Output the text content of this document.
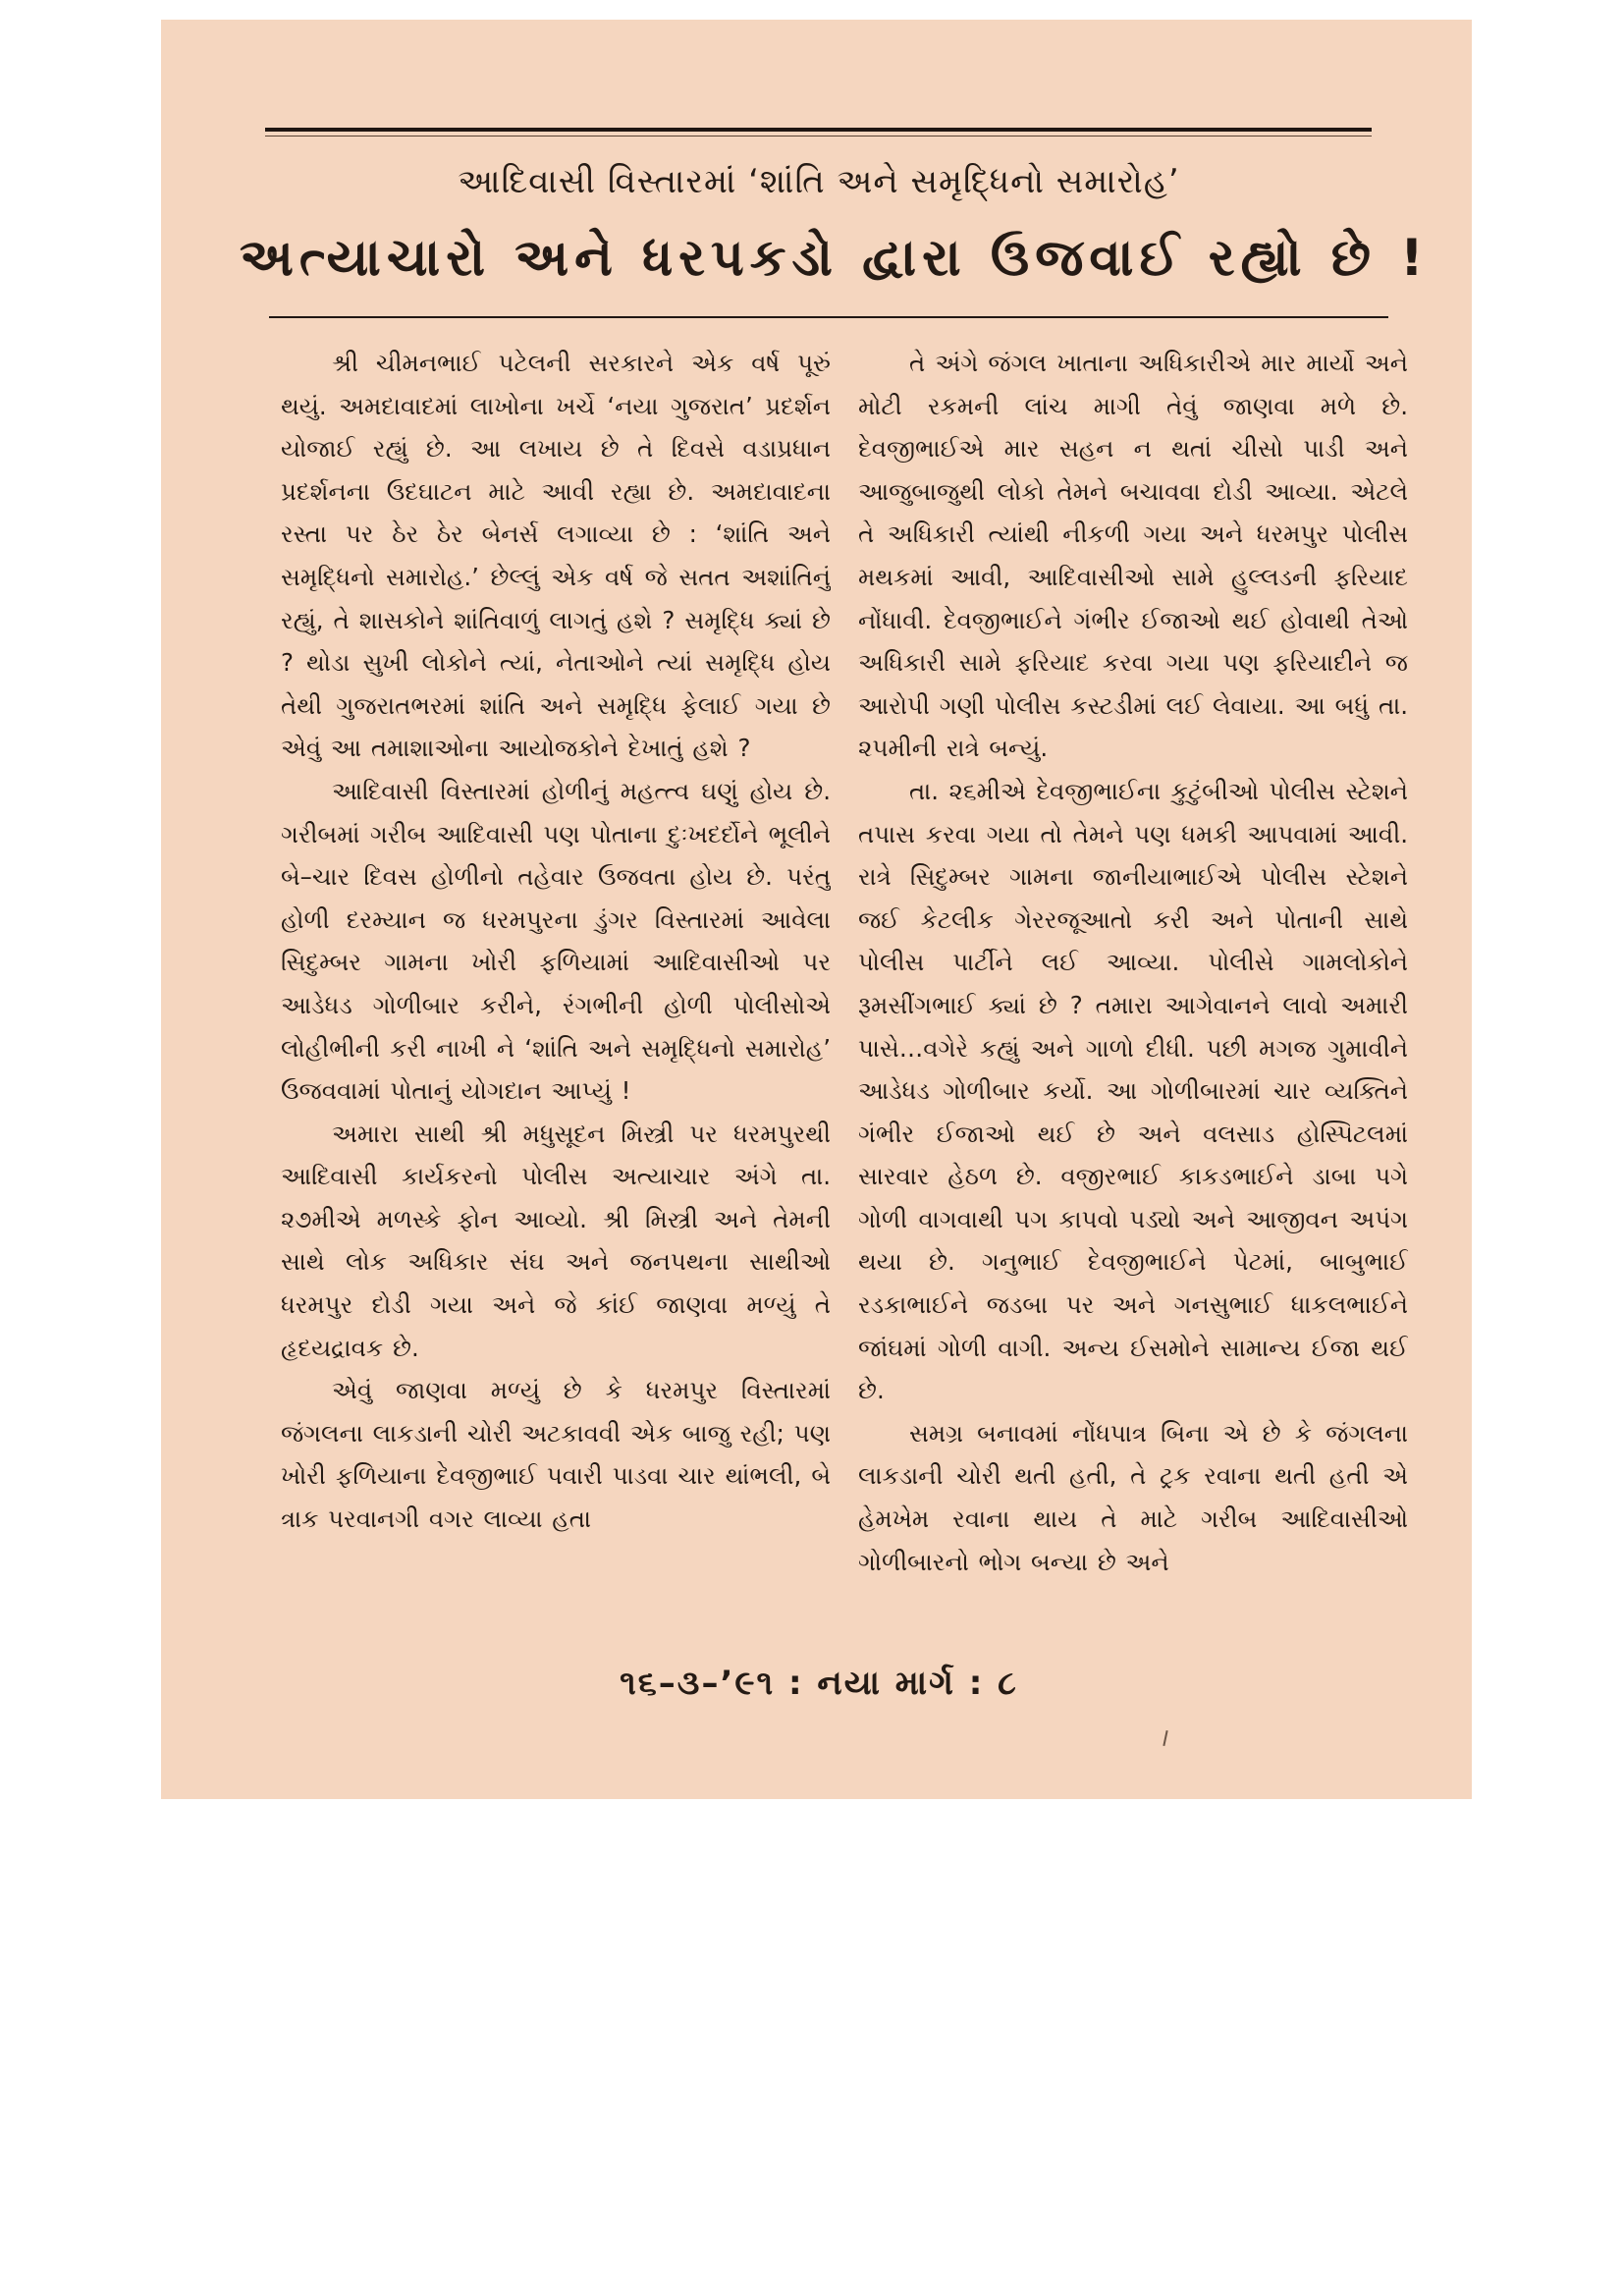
આદિવાસી વિસ્તારમાં ‘શાંતિ અને સમૃદ્ધિનો સમારોહ’
અત્યાચારો અને ધરપકડો દ્વારા ઉજવાઈ રહ્યો છે !

શ્રી ચીમનભાઈ પટેલની સરકારને એક વર્ષ પૂરું થયું. અમદાવાદમાં લાખોના ખર્ચે ‘નયા ગુજરાત’ પ્રદર્શન યોજાઈ રહ્યું છે. આ લખાય છે તે દિવસે વડાપ્રધાન પ્રદર્શનના ઉદઘાટન માટે આવી રહ્યા છે. અમદાવાદના રસ્તા પર ઠેર ઠેર બેનર્સ લગાવ્યા છે : ‘શાંતિ અને સમૃદ્ધિનો સમારોહ.’ છેલ્લું એક વર્ષ જે સતત અશાંતિનું રહ્યું, તે શાસકોને શાંતિવાળું લાગતું હશે ? સમૃદ્ધિ ક્યાં છે ? થોડા સુખી લોકોને ત્યાં, નેતાઓને ત્યાં સમૃદ્ધિ હોય તેથી ગુજરાતભરમાં શાંતિ અને સમૃદ્ધિ ફેલાઈ ગયા છે એવું આ તમાશાઓના આયોજકોને દેખાતું હશે ?

આદિવાસી વિસ્તારમાં હોળીનું મહત્ત્વ ઘણું હોય છે. ગરીબમાં ગરીબ આદિવાસી પણ પોતાના દુઃખદર્દોને ભૂલીને બે–ચાર દિવસ હોળીનો તહેવાર ઉજવતા હોય છે. પરંતુ હોળી દરમ્યાન જ ધરમપુરના ડુંગર વિસ્તારમાં આવેલા સિદુમ્બર ગામના ખોરી ફળિયામાં આદિવાસીઓ પર આડેધડ ગોળીબાર કરીને, રંગભીની હોળી પોલીસોએ લોહીભીની કરી નાખી ને ‘શાંતિ અને સમૃદ્ધિનો સમારોહ’ ઉજવવામાં પોતાનું યોગદાન આપ્યું !

અમારા સાથી શ્રી મધુસૂદન મિસ્ત્રી પર ધરમપુરથી આદિવાસી કાર્યકરનો પોલીસ અત્યાચાર અંગે તા. ૨૭મીએ મળસ્કે ફોન આવ્યો. શ્રી મિસ્ત્રી અને તેમની સાથે લોક અધિકાર સંઘ અને જનપથના સાથીઓ ધરમપુર દોડી ગયા અને જે કાંઈ જાણવા મળ્યું તે હૃદયદ્રાવક છે.

એવું જાણવા મળ્યું છે કે ધરમપુર વિસ્તારમાં જંગલના લાકડાની ચોરી અટકાવવી એક બાજુ રહી; પણ ખોરી ફળિયાના દેવજીભાઈ પવારી પાડવા ચાર થાંભલી, બે ત્રાક પરવાનગી વગર લાવ્યા હતા

તે અંગે જંગલ ખાતાના અધિકારીએ માર માર્યો અને મોટી રકમની લાંચ માગી તેવું જાણવા મળે છે. દેવજીભાઈએ માર સહન ન થતાં ચીસો પાડી અને આજુબાજુથી લોકો તેમને બચાવવા દોડી આવ્યા. એટલે તે અધિકારી ત્યાંથી નીકળી ગયા અને ધરમપુર પોલીસ મથકમાં આવી, આદિવાસીઓ સામે હુલ્લડની ફરિયાદ નોંધાવી. દેવજીભાઈને ગંભીર ઈજાઓ થઈ હોવાથી તેઓ અધિકારી સામે ફરિયાદ કરવા ગયા પણ ફરિયાદીને જ આરોપી ગણી પોલીસ કસ્ટડીમાં લઈ લેવાયા. આ બધું તા. ૨૫મીની રાત્રે બન્યું.

તા. ૨૬મીએ દેવજીભાઈના કુટુંબીઓ પોલીસ સ્ટેશને તપાસ કરવા ગયા તો તેમને પણ ધમકી આપવામાં આવી. રાત્રે સિદુમ્બર ગામના જાનીયાભાઈએ પોલીસ સ્ટેશને જઈ કેટલીક ગેરરજૂઆતો કરી અને પોતાની સાથે પોલીસ પાર્ટીને લઈ આવ્યા. પોલીસે ગામલોકોને રૂમસીંગભાઈ ક્યાં છે ? તમારા આગેવાનને લાવો અમારી પાસે…વગેરે કહ્યું અને ગાળો દીધી. પછી મગજ ગુમાવીને આડેધડ ગોળીબાર કર્યો. આ ગોળીબારમાં ચાર વ્યક્તિને ગંભીર ઈજાઓ થઈ છે અને વલસાડ હોસ્પિટલમાં સારવાર હેઠળ છે. વજીરભાઈ કાકડભાઈને ડાબા પગે ગોળી વાગવાથી પગ કાપવો પડ્યો અને આજીવન અપંગ થયા છે. ગનુભાઈ દેવજીભાઈને પેટમાં, બાબુભાઈ રડકાભાઈને જડબા પર અને ગનસુભાઈ ધાકલભાઈને જાંઘમાં ગોળી વાગી. અન્ય ઈસમોને સામાન્ય ઈજા થઈ છે.

સમગ્ર બનાવમાં નોંધપાત્ર બિના એ છે કે જંગલના લાકડાની ચોરી થતી હતી, તે ટ્રક રવાના થતી હતી એ હેમખેમ રવાના થાય તે માટે ગરીબ આદિવાસીઓ ગોળીબારનો ભોગ બન્યા છે અને

૧૬–૩–’૯૧ : નયા માર્ગ : ૮
